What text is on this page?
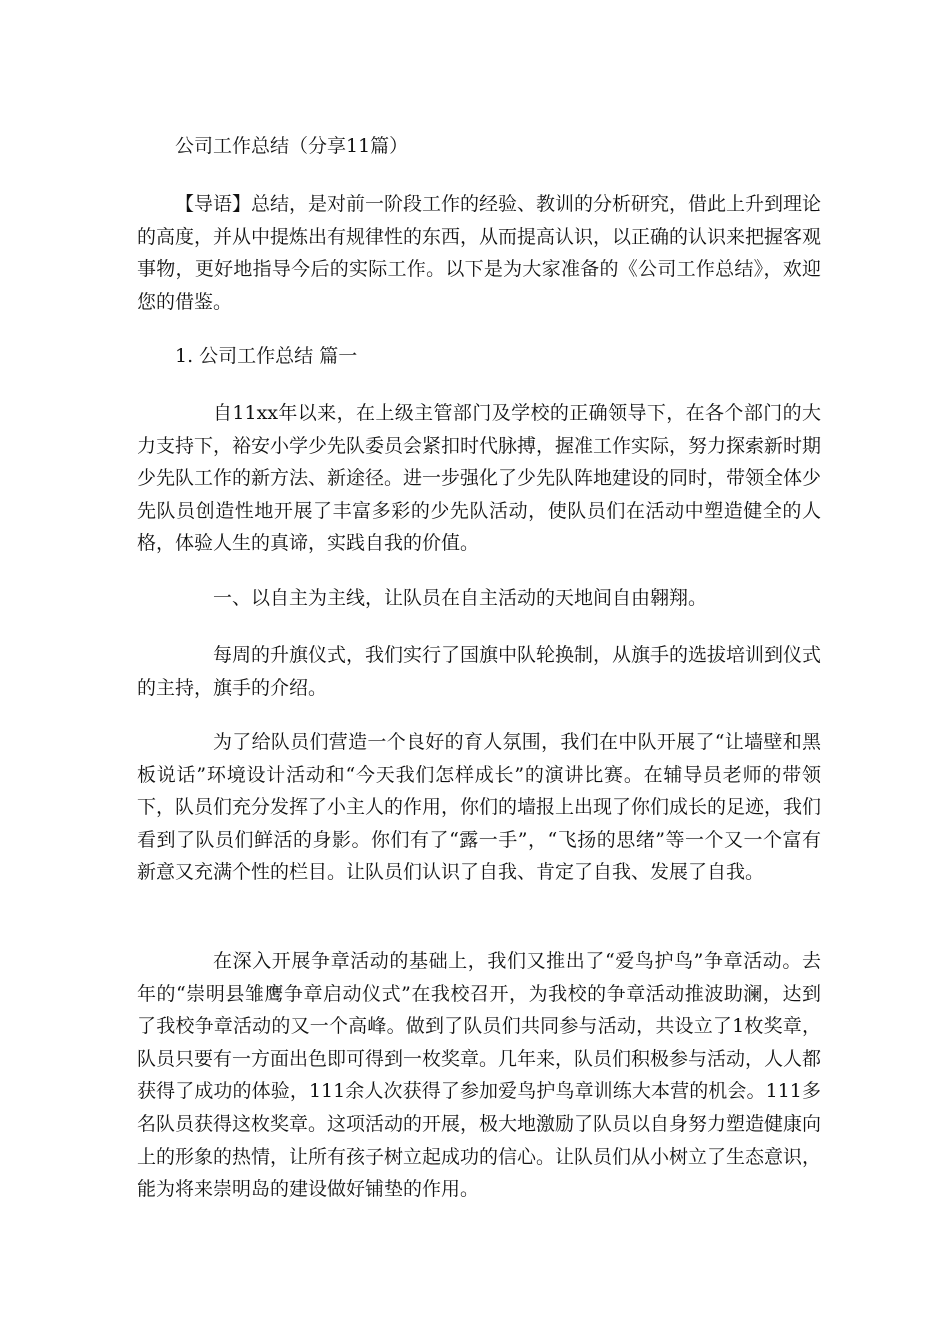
公司工作总结（分享11篇）

【导语】总结，是对前一阶段工作的经验、教训的分析研究，借此上升到理论的高度，并从中提炼出有规律性的东西，从而提高认识，以正确的认识来把握客观事物，更好地指导今后的实际工作。以下是为大家准备的《公司工作总结》，欢迎您的借鉴。

1. 公司工作总结 篇一

自11xx年以来，在上级主管部门及学校的正确领导下，在各个部门的大力支持下，裕安小学少先队委员会紧扣时代脉搏，握准工作实际，努力探索新时期少先队工作的新方法、新途径。进一步强化了少先队阵地建设的同时，带领全体少先队员创造性地开展了丰富多彩的少先队活动，使队员们在活动中塑造健全的人格，体验人生的真谛，实践自我的价值。

一、以自主为主线，让队员在自主活动的天地间自由翱翔。

每周的升旗仪式，我们实行了国旗中队轮换制，从旗手的选拔培训到仪式的主持，旗手的介绍。

为了给队员们营造一个良好的育人氛围，我们在中队开展了“让墙壁和黑板说话”环境设计活动和“今天我们怎样成长”的演讲比赛。在辅导员老师的带领下，队员们充分发挥了小主人的作用，你们的墙报上出现了你们成长的足迹，我们看到了队员们鲜活的身影。你们有了“露一手”，“飞扬的思绪”等一个又一个富有新意又充满个性的栏目。让队员们认识了自我、肯定了自我、发展了自我。

在深入开展争章活动的基础上，我们又推出了“爱鸟护鸟”争章活动。去年的“崇明县雏鹰争章启动仪式”在我校召开，为我校的争章活动推波助澜，达到了我校争章活动的又一个高峰。做到了队员们共同参与活动，共设立了1枚奖章，队员只要有一方面出色即可得到一枚奖章。几年来，队员们积极参与活动，人人都获得了成功的体验，111余人次获得了参加爱鸟护鸟章训练大本营的机会。111多名队员获得这枚奖章。这项活动的开展，极大地激励了队员以自身努力塑造健康向上的形象的热情，让所有孩子树立起成功的信心。让队员们从小树立了生态意识，能为将来崇明岛的建设做好铺垫的作用。
